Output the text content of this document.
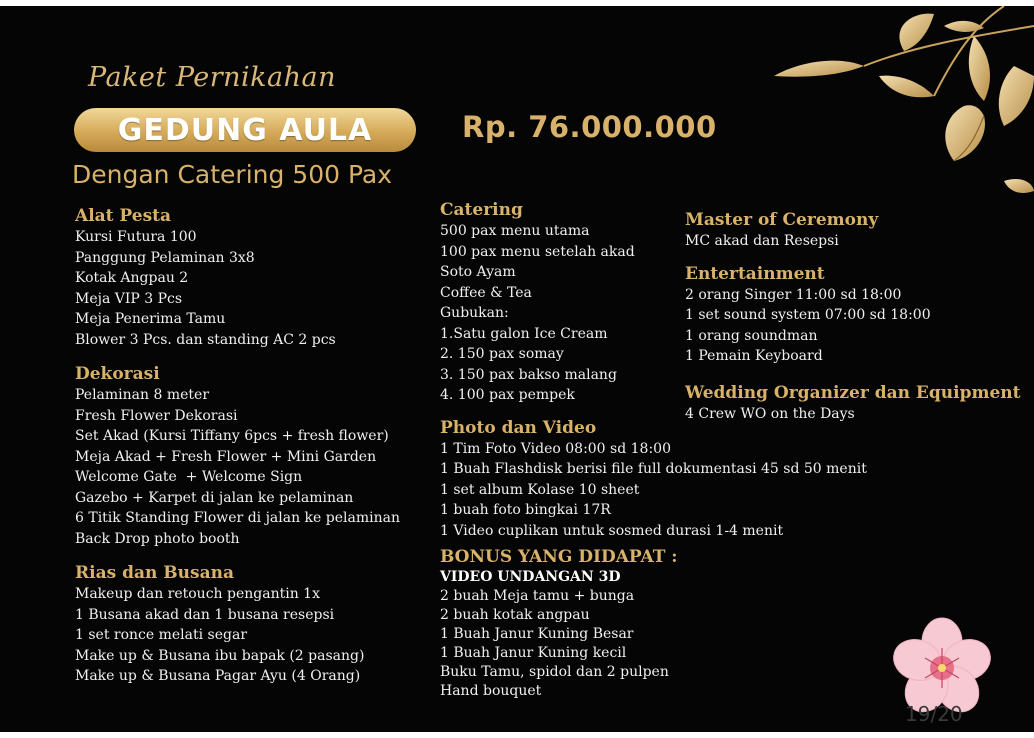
Paket Pernikahan
GEDUNG AULA	Rp. 76.000.000
Dengan Catering 500 Pax
Alat Pesta
Kursi Futura 100
Panggung Pelaminan 3x8
Kotak Angpau 2
Meja VIP 3 Pcs
Meja Penerima Tamu
Blower 3 Pcs. dan standing AC 2 pcs
Dekorasi
Pelaminan 8 meter
Fresh Flower Dekorasi
Set Akad (Kursi Tiffany 6pcs + fresh flower)
Meja Akad + Fresh Flower + Mini Garden
Welcome Gate  + Welcome Sign
Gazebo + Karpet di jalan ke pelaminan
6 Titik Standing Flower di jalan ke pelaminan
Back Drop photo booth
Rias dan Busana
Makeup dan retouch pengantin 1x
1 Busana akad dan 1 busana resepsi
1 set ronce melati segar
Make up & Busana ibu bapak (2 pasang)
Make up & Busana Pagar Ayu (4 Orang)
Catering
500 pax menu utama
100 pax menu setelah akad
Soto Ayam
Coffee & Tea
Gubukan:
1.Satu galon Ice Cream
2. 150 pax somay
3. 150 pax bakso malang
4. 100 pax pempek
Photo dan Video
1 Tim Foto Video 08:00 sd 18:00
1 Buah Flashdisk berisi file full dokumentasi 45 sd 50 menit
1 set album Kolase 10 sheet
1 buah foto bingkai 17R
1 Video cuplikan untuk sosmed durasi 1-4 menit
BONUS YANG DIDAPAT :
VIDEO UNDANGAN 3D
2 buah Meja tamu + bunga
2 buah kotak angpau
1 Buah Janur Kuning Besar
1 Buah Janur Kuning kecil
Buku Tamu, spidol dan 2 pulpen
Hand bouquet
Master of Ceremony
MC akad dan Resepsi
Entertainment
2 orang Singer 11:00 sd 18:00
1 set sound system 07:00 sd 18:00
1 orang soundman
1 Pemain Keyboard
Wedding Organizer dan Equipment
4 Crew WO on the Days
19/20
